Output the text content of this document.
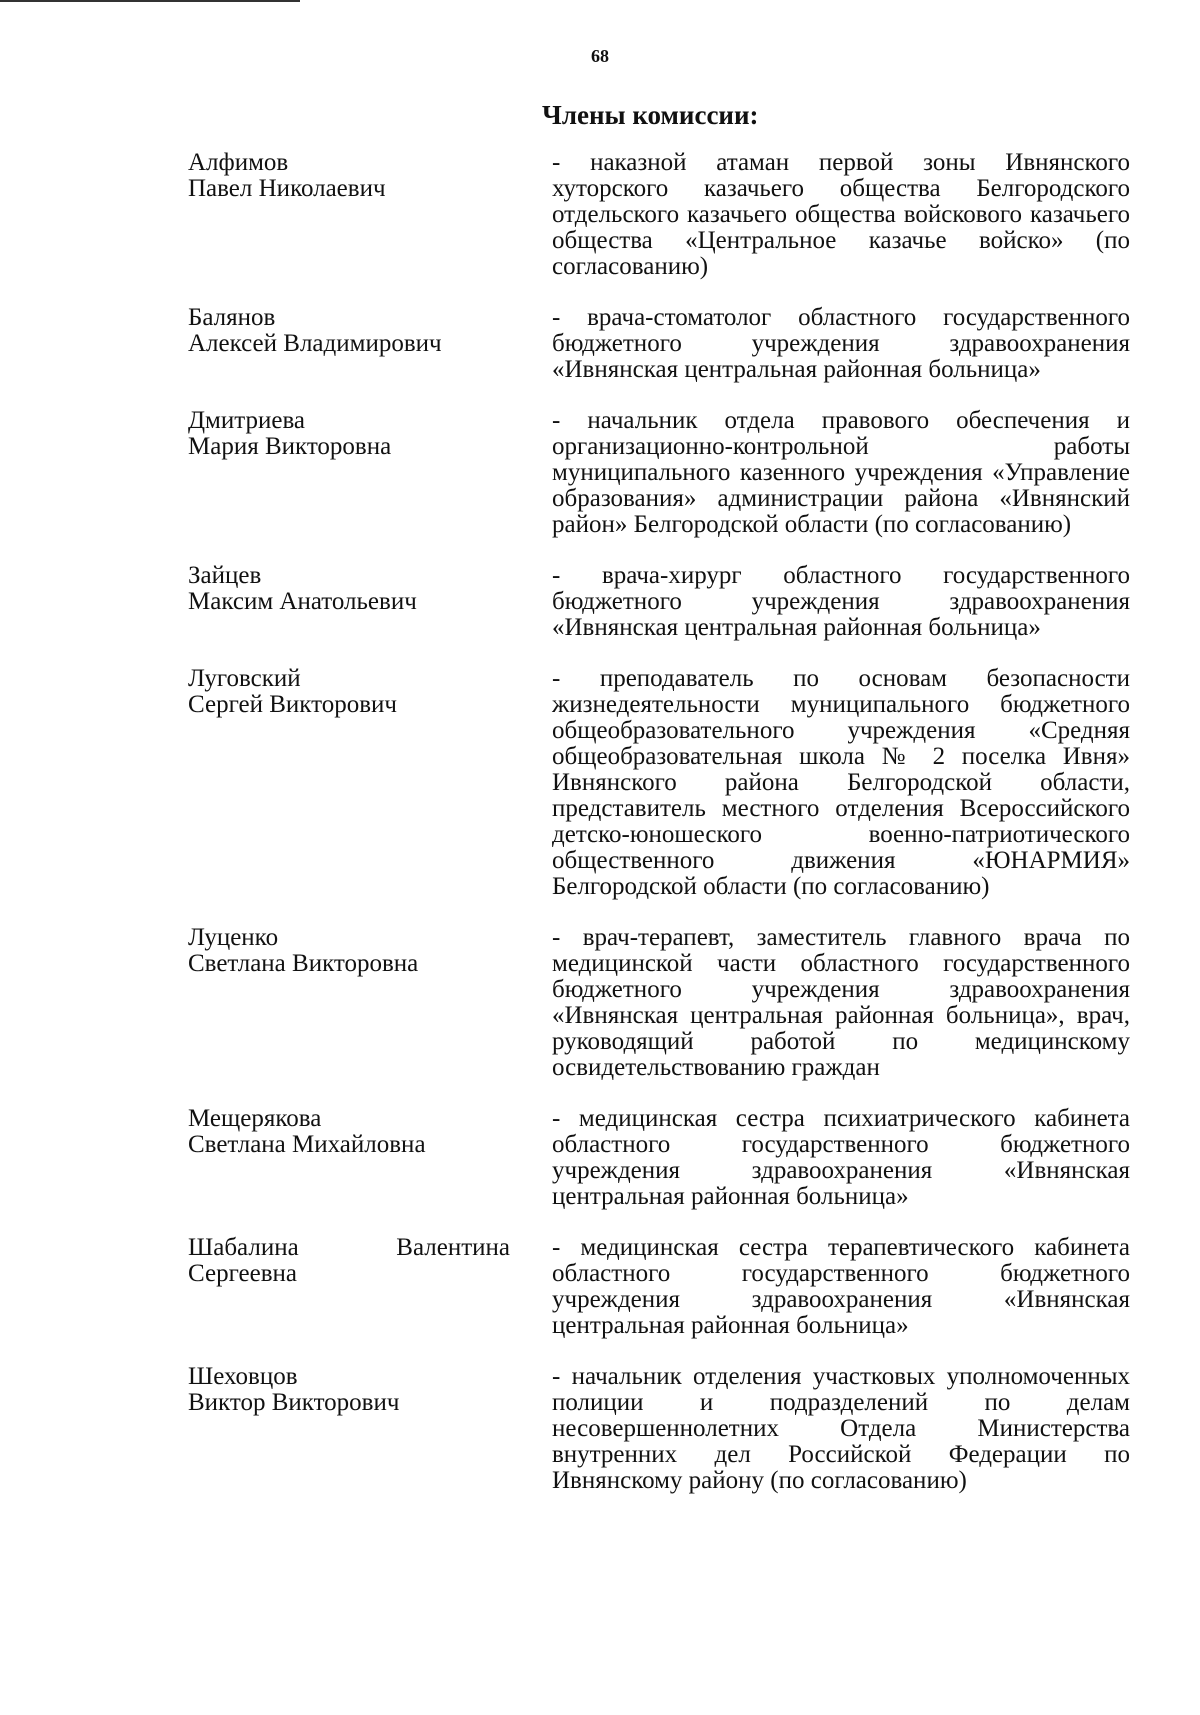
68
Члены комиссии:
Алфимов
Павел Николаевич
- наказной атаман первой зоны Ивнянского хуторского казачьего общества Белгородского отдельского казачьего общества войскового казачьего общества «Центральное казачье войско» (по согласованию)
Балянов
Алексей Владимирович
- врача-стоматолог областного государственного бюджетного учреждения здравоохранения «Ивнянская центральная районная больница»
Дмитриева
Мария Викторовна
- начальник отдела правового обеспечения и организационно-контрольной работы муниципального казенного учреждения «Управление образования» администрации района «Ивнянский район» Белгородской области (по согласованию)
Зайцев
Максим Анатольевич
- врача-хирург областного государственного бюджетного учреждения здравоохранения «Ивнянская центральная районная больница»
Луговский
Сергей Викторович
- преподаватель по основам безопасности жизнедеятельности муниципального бюджетного общеобразовательного учреждения «Средняя общеобразовательная школа № 2 поселка Ивня» Ивнянского района Белгородской области, представитель местного отделения Всероссийского детско-юношеского военно-патриотического общественного движения «ЮНАРМИЯ» Белгородской области (по согласованию)
Луценко
Светлана Викторовна
- врач-терапевт, заместитель главного врача по медицинской части областного государственного бюджетного учреждения здравоохранения «Ивнянская центральная районная больница», врач, руководящий работой по медицинскому освидетельствованию граждан
Мещерякова
Светлана Михайловна
- медицинская сестра психиатрического кабинета областного государственного бюджетного учреждения здравоохранения «Ивнянская центральная районная больница»
Шабалина Валентина
Сергеевна
- медицинская сестра терапевтического кабинета областного государственного бюджетного учреждения здравоохранения «Ивнянская центральная районная больница»
Шеховцов
Виктор Викторович
- начальник отделения участковых уполномоченных полиции и подразделений по делам несовершеннолетних Отдела Министерства внутренних дел Российской Федерации по Ивнянскому району (по согласованию)
